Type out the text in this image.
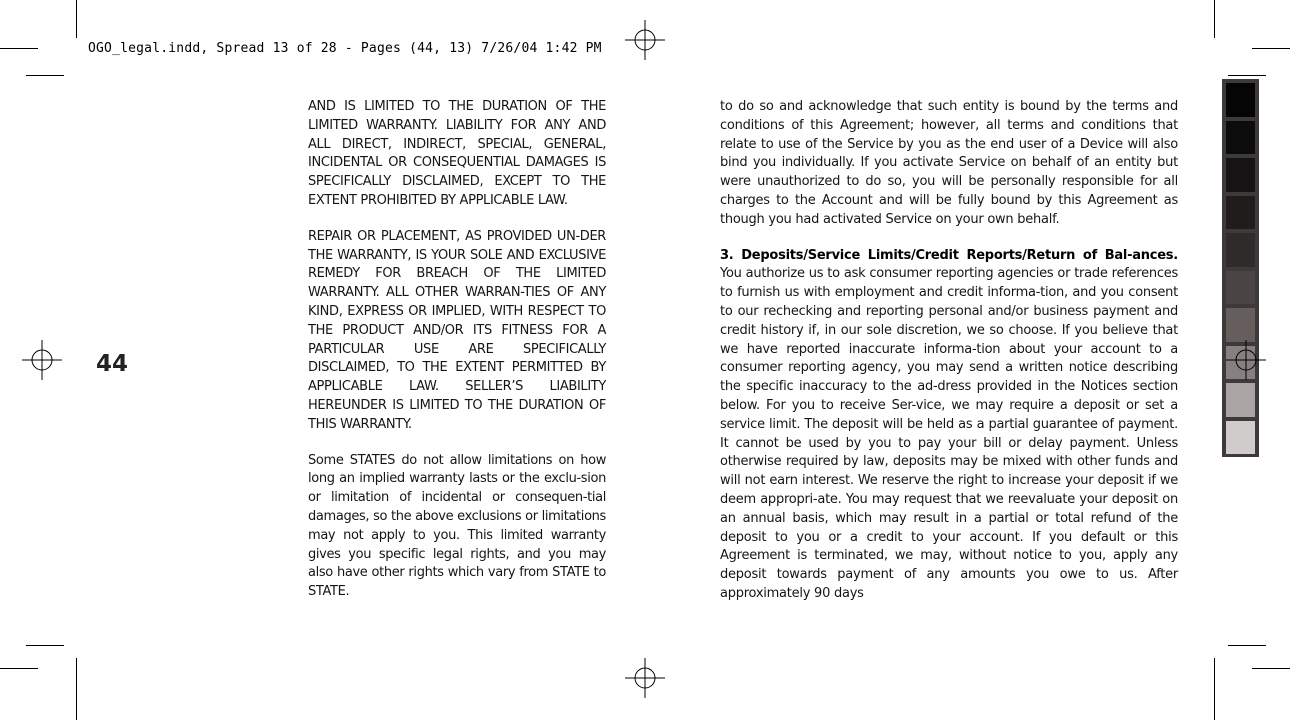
OGO_legal.indd, Spread 13 of 28 - Pages (44, 13) 7/26/04 1:42 PM
44

AND IS LIMITED TO THE DURATION OF THE LIMITED WARRANTY. LIABILITY FOR ANY AND ALL DIRECT, INDIRECT, SPECIAL, GENERAL, INCIDENTAL OR CONSEQUENTIAL DAMAGES IS SPECIFICALLY DISCLAIMED, EXCEPT TO THE EXTENT PROHIBITED BY APPLICABLE LAW.

REPAIR OR PLACEMENT, AS PROVIDED UN-DER THE WARRANTY, IS YOUR SOLE AND EXCLUSIVE REMEDY FOR BREACH OF THE LIMITED WARRANTY. ALL OTHER WARRAN-TIES OF ANY KIND, EXPRESS OR IMPLIED, WITH RESPECT TO THE PRODUCT AND/OR ITS FITNESS FOR A PARTICULAR USE ARE SPECIFICALLY DISCLAIMED, TO THE EXTENT PERMITTED BY APPLICABLE LAW. SELLER’S LIABILITY HEREUNDER IS LIMITED TO THE DURATION OF THIS WARRANTY.

Some STATES do not allow limitations on how long an implied warranty lasts or the exclu-sion or limitation of incidental or consequen-tial damages, so the above exclusions or limitations may not apply to you. This limited warranty gives you specific legal rights, and you may also have other rights which vary from STATE to STATE.

to do so and acknowledge that such entity is bound by the terms and conditions of this Agreement; however, all terms and conditions that relate to use of the Service by you as the end user of a Device will also bind you individually. If you activate Service on behalf of an entity but were unauthorized to do so, you will be personally responsible for all charges to the Account and will be fully bound by this Agreement as though you had activated Service on your own behalf.

3. Deposits/Service Limits/Credit Reports/Return of Bal-ances. You authorize us to ask consumer reporting agencies or trade references to furnish us with employment and credit informa-tion, and you consent to our rechecking and reporting personal and/or business payment and credit history if, in our sole discretion, we so choose. If you believe that we have reported inaccurate informa-tion about your account to a consumer reporting agency, you may send a written notice describing the specific inaccuracy to the ad-dress provided in the Notices section below. For you to receive Ser-vice, we may require a deposit or set a service limit. The deposit will be held as a partial guarantee of payment. It cannot be used by you to pay your bill or delay payment. Unless otherwise required by law, deposits may be mixed with other funds and will not earn interest. We reserve the right to increase your deposit if we deem appropri-ate. You may request that we reevaluate your deposit on an annual basis, which may result in a partial or total refund of the deposit to you or a credit to your account. If you default or this Agreement is terminated, we may, without notice to you, apply any deposit towards payment of any amounts you owe to us. After approximately 90 days
